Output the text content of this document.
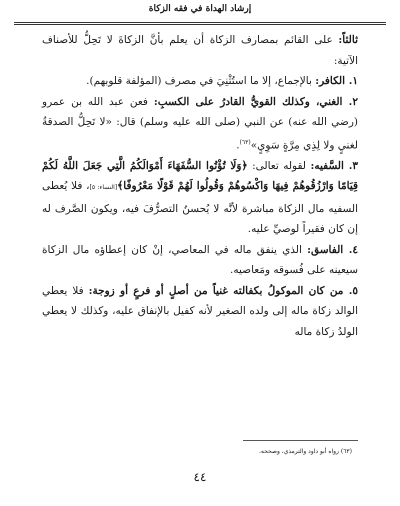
إرشاد الهداة في فقه الزكاة

ثالثاً: على القائم بمصارف الزكاة أن يعلم بأنَّ الزكاةَ لا تَحِلُّ للأصناف الآتية:

١. الكافر: بالإجماع، إلا ما استُثْنِيَ في مصرف (المؤلفة قلوبهم).

٢. الغني، وكذلك القويُّ القادرُ على الكسبِ: فعن عبد الله بن عمرو (رضي الله عنه) عن النبي (صلى الله عليه وسلم) قال: «لا تَحِلُّ الصدقةُ لغنيٍ ولا لِذِي مِرَّةٍ سَوِيٍ»$^{(٦٣)}$.

٣. السَّفيه: لقوله تعالى: ﴿وَلَا تُؤْتُوا السُّفَهَاءَ أَمْوَالَكُمُ الَّتِي جَعَلَ اللَّهُ لَكُمْ قِيَامًا وَارْزُقُوهُمْ فِيهَا وَاكْسُوهُمْ وَقُولُوا لَهُمْ قَوْلًا مَعْرُوفًا﴾[النساء: ٥]، فلا يُعطى السفيه مال الزكاة مباشرة لأنَّه لا يُحسنُ التصرُّفَ فيه، ويكون الصَّرف له إن كان فقيراً لوصيِّ عليه.

٤. الفاسق: الذي ينفق ماله في المعاصي، إنْ كان إعطاؤه مال الزكاة سيعينه على فُسوقه ومَعاصيه.

٥. من كان الموكولُ بكفالته غنياً من أصلٍ أو فرعٍ أو زوجة: فلا يعطي الوالد زكاة ماله إلى ولده الصغير لأنه كفيل بالإنفاق عليه، وكذلك لا يعطي الولدُ زكاة ماله

(٦٣) رواه أبو داود والترمذي، وصححه.
٤٤
